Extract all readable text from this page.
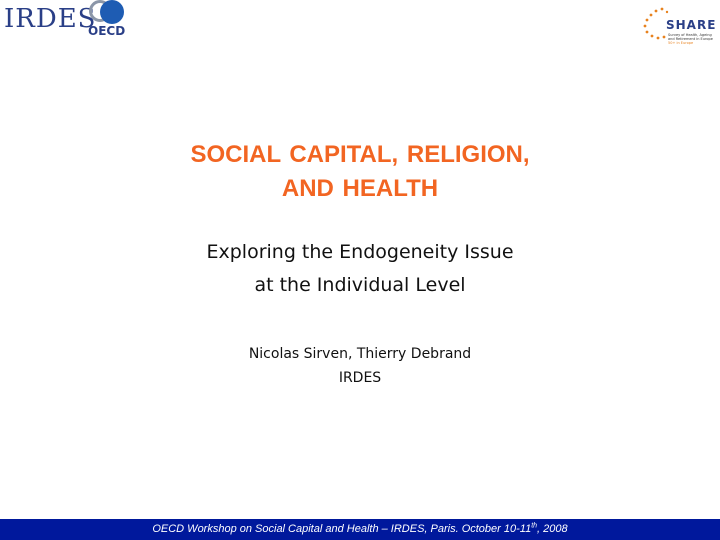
IRDES
OECD	SHARE
Survey of Health, Ageing
and Retirement in Europe
50+ in Europe
SOCIAL CAPITAL, RELIGION,
AND HEALTH
Exploring the Endogeneity Issue
at the Individual Level
Nicolas Sirven, Thierry Debrand
IRDES
OECD Workshop on Social Capital and Health – IRDES, Paris. October 10-11th, 2008
